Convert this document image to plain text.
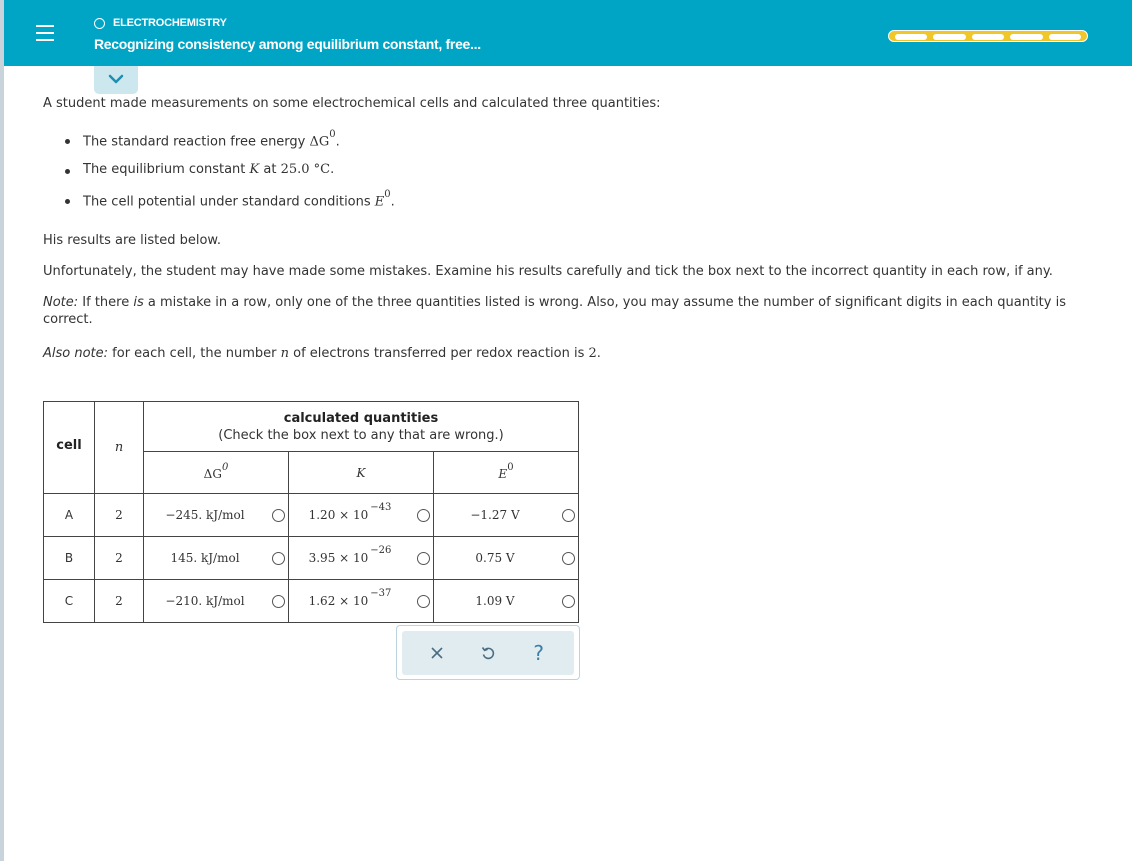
ELECTROCHEMISTRY
Recognizing consistency among equilibrium constant, free...

A student made measurements on some electrochemical cells and calculated three quantities:

The standard reaction free energy $\Delta G^0$.
The equilibrium constant K at 25.0 °C.
The cell potential under standard conditions $E^0$.

His results are listed below.

Unfortunately, the student may have made some mistakes. Examine his results carefully and tick the box next to the incorrect quantity in each row, if any.

Note: If there is a mistake in a row, only one of the three quantities listed is wrong. Also, you may assume the number of significant digits in each quantity is

correct.

Also note: for each cell, the number n of electrons transferred per redox reaction is 2.

cell	n	calculated quantities
(Check the box next to any that are wrong.)		
		$\Delta G^0$	K	$E^0$
A	2	−245. kJ/mol	$1.20 \times 10^{-43}$	−1.27 V

B	2	145. kJ/mol	$3.95 \times 10^{-26}$	0.75 V

C	2	−210. kJ/mol	$1.62 \times 10^{-37}$	1.09 V
?
